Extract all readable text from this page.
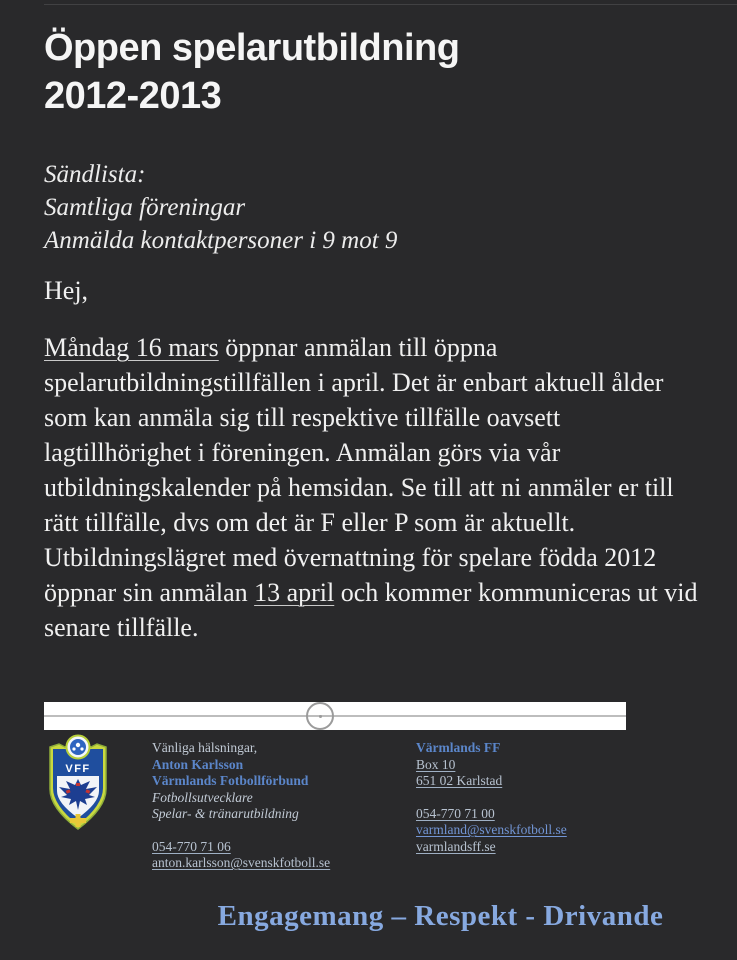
Öppen spelarutbildning
2012-2013
Sändlista:
Samtliga föreningar
Anmälda kontaktpersoner i 9 mot 9
Hej,
Måndag 16 mars öppnar anmälan till öppna spelarutbildningstillfällen i april. Det är enbart aktuell ålder som kan anmäla sig till respektive tillfälle oavsett lagtillhörighet i föreningen. Anmälan görs via vår utbildningskalender på hemsidan. Se till att ni anmäler er till rätt tillfälle, dvs om det är F eller P som är aktuellt.
Utbildningslägret med övernattning för spelare födda 2012 öppnar sin anmälan 13 april och kommer kommuniceras ut vid senare tillfälle.
VFF
Vänliga hälsningar,
Anton Karlsson
Värmlands Fotbollförbund
Fotbollsutvecklare
Spelar- & tränarutbildning
054-770 71 06
anton.karlsson@svenskfotboll.se
Värmlands FF
Box 10
651 02 Karlstad
054-770 71 00
varmland@svenskfotboll.se
varmlandsff.se
Engagemang – Respekt - Drivande
